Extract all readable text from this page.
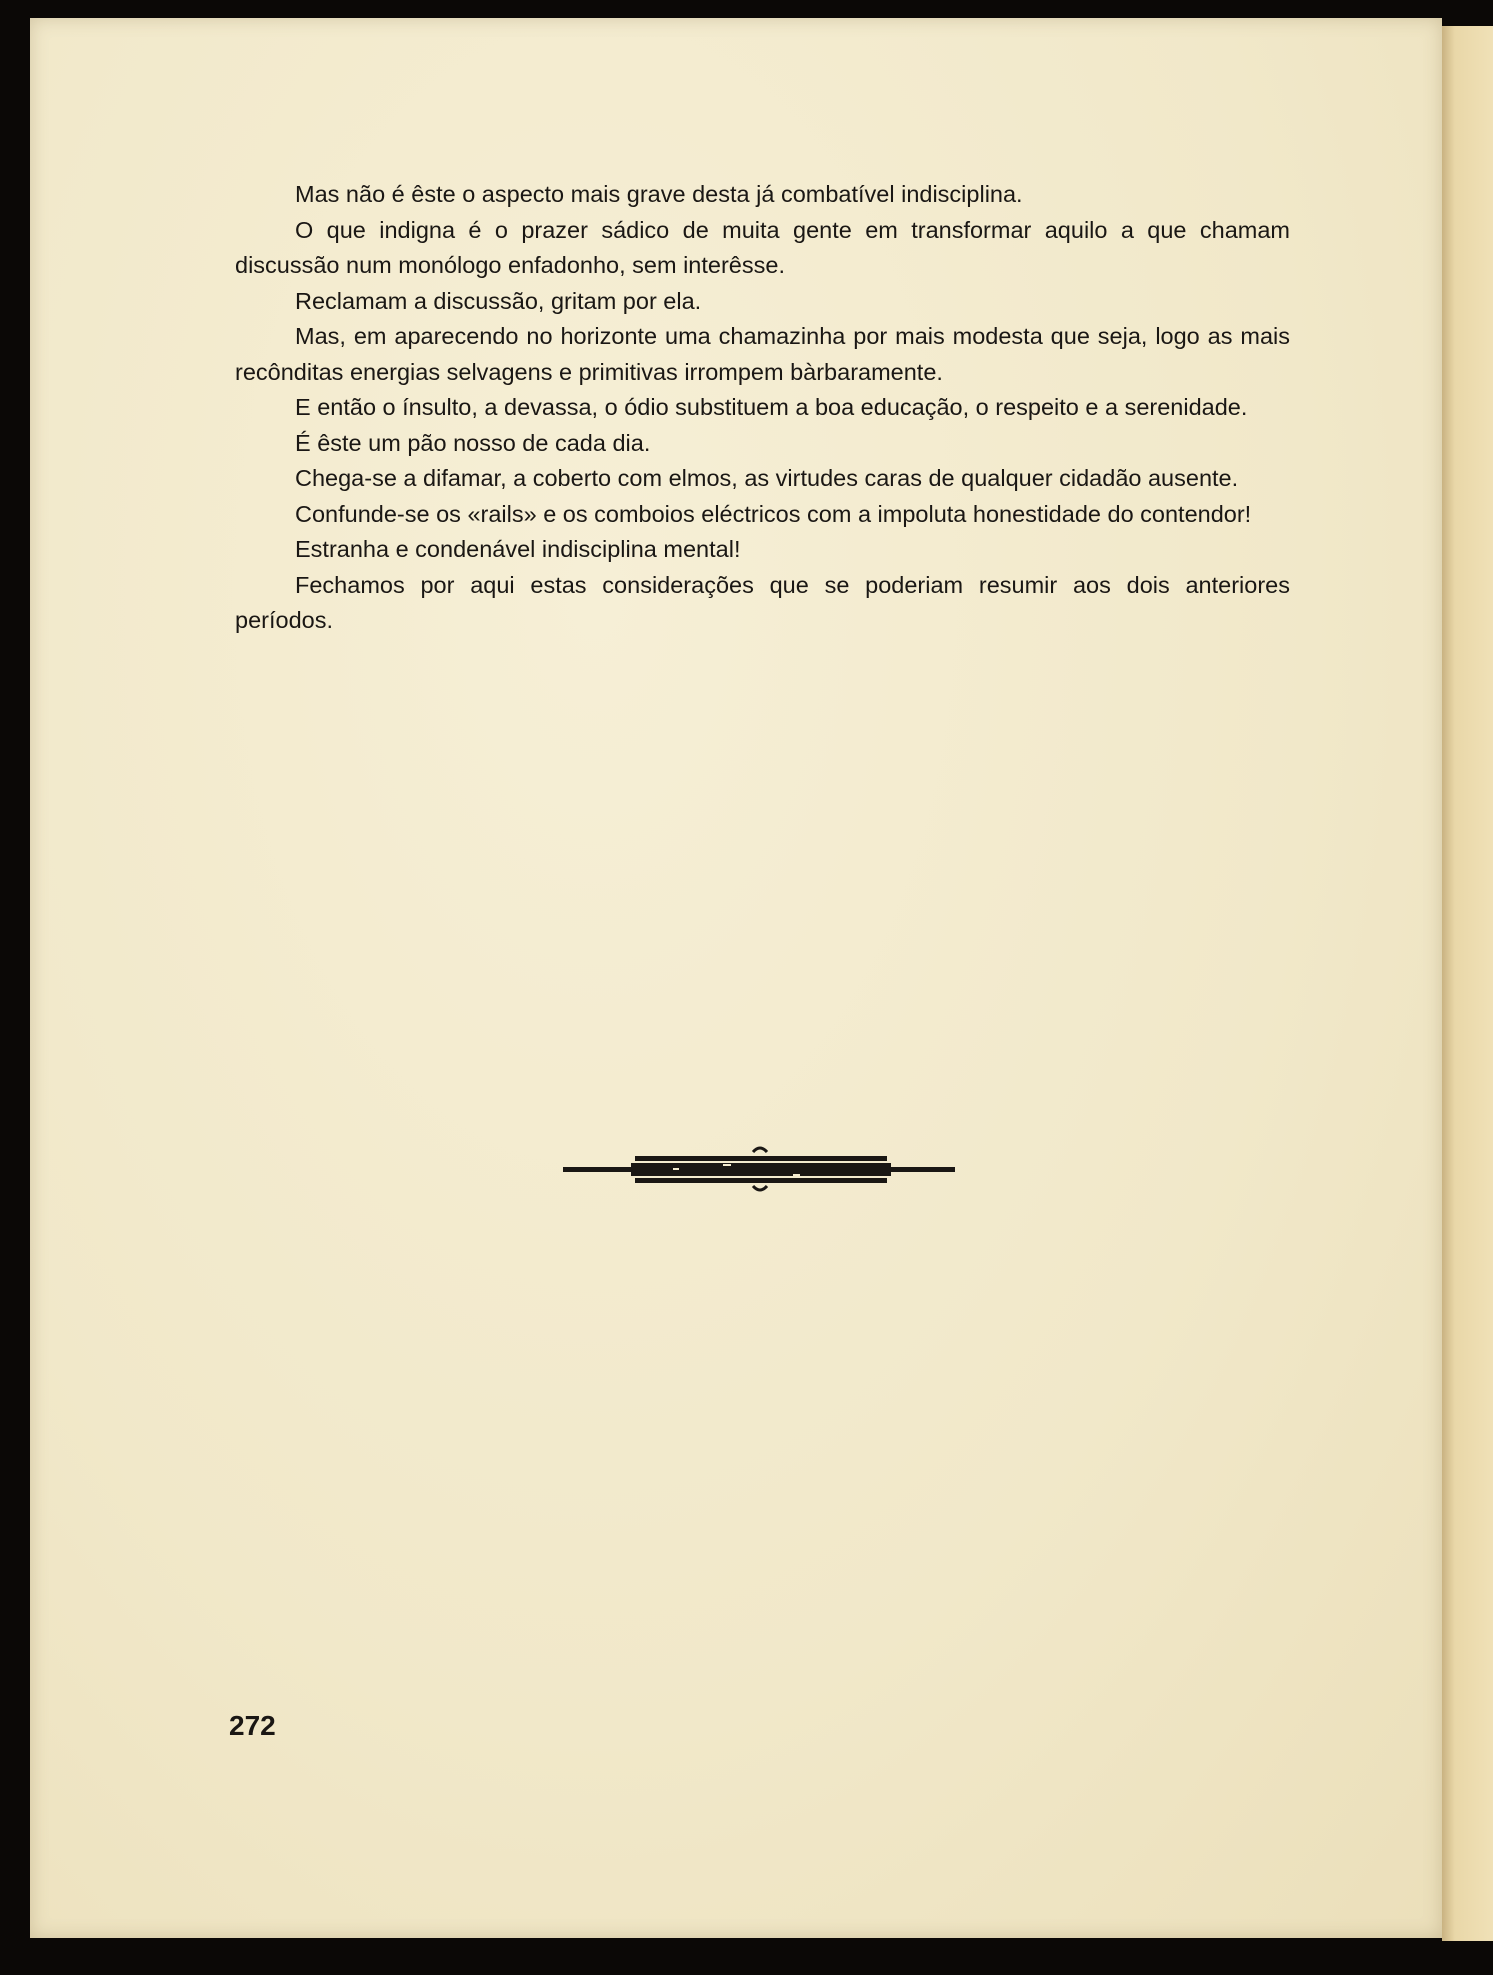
Mas não é êste o aspecto mais grave desta já combatível indisciplina.

O que indigna é o prazer sádico de muita gente em transformar aquilo a que chamam discussão num monólogo enfadonho, sem interêsse.

Reclamam a discussão, gritam por ela.

Mas, em aparecendo no horizonte uma chamazinha por mais modesta que seja, logo as mais recônditas energias selvagens e primitivas irrompem bàrbaramente.

E então o ínsulto, a devassa, o ódio substituem a boa educação, o respeito e a serenidade.

É êste um pão nosso de cada dia.

Chega-se a difamar, a coberto com elmos, as virtudes caras de qualquer cidadão ausente.

Confunde-se os «rails» e os comboios eléctricos com a impoluta honestidade do contendor!

Estranha e condenável indisciplina mental!

Fechamos por aqui estas considerações que se poderiam resumir aos dois anteriores períodos.

272
